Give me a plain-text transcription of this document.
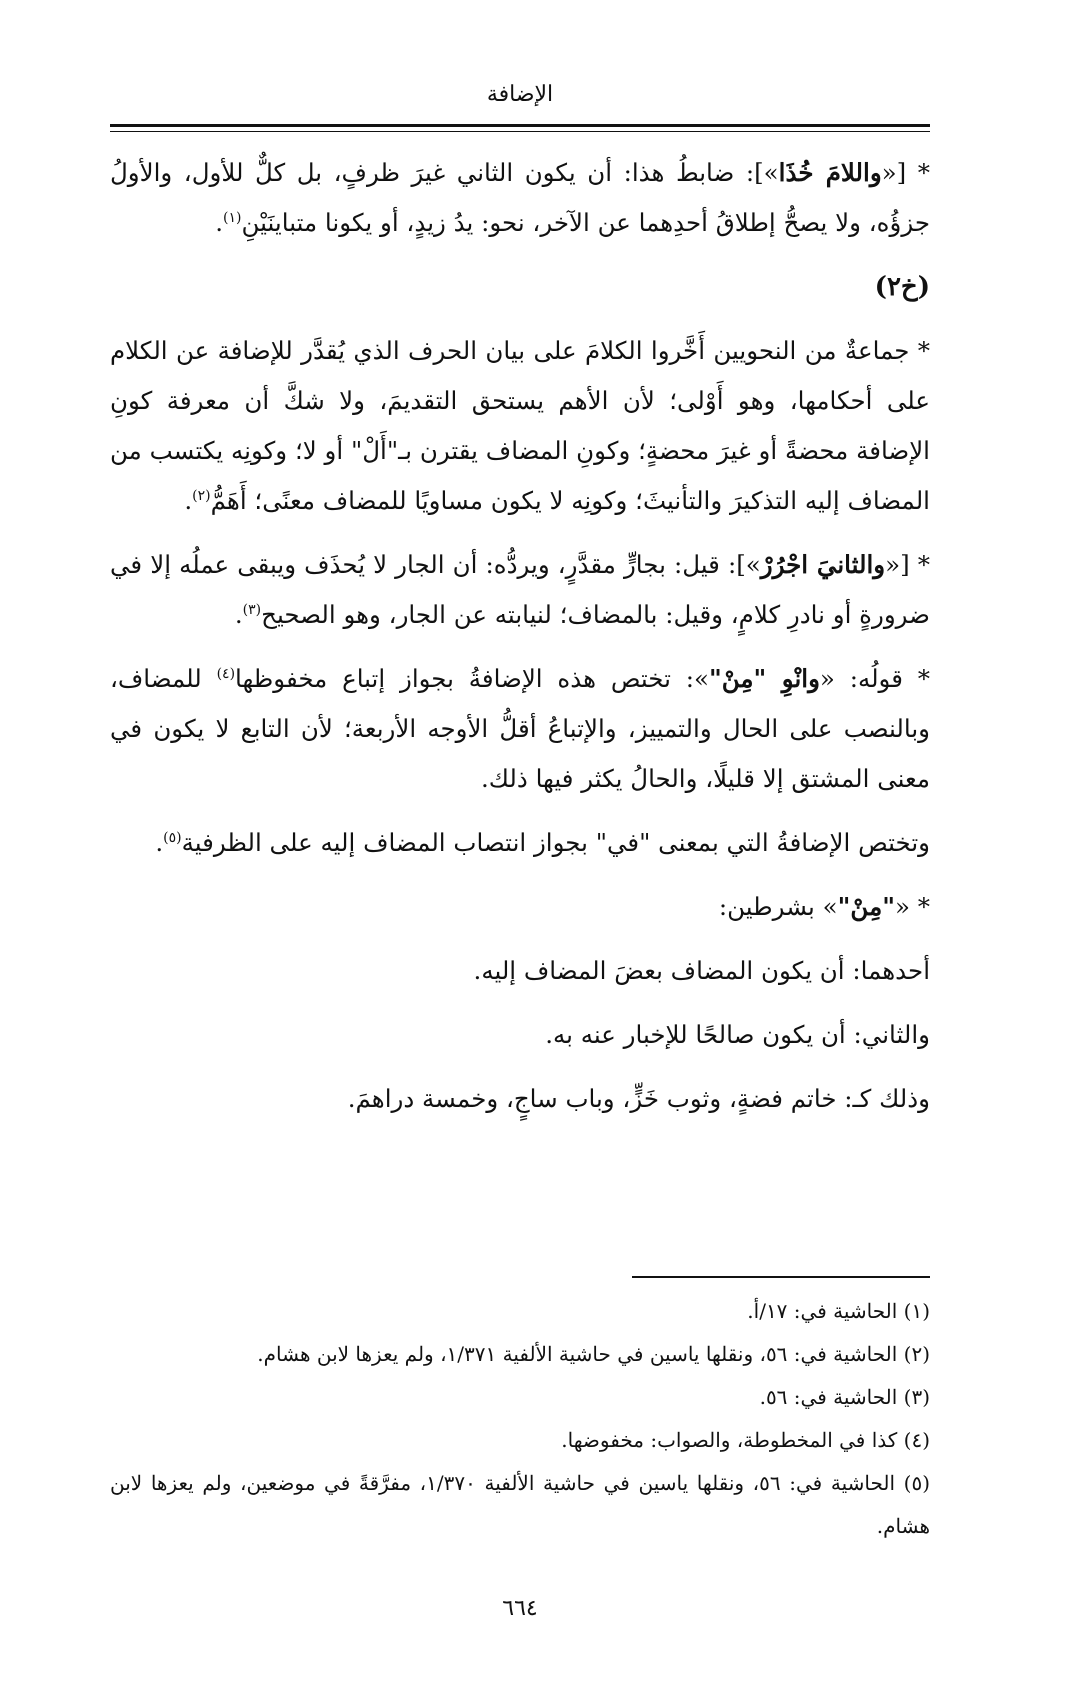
الإضافة

* [«واللامَ خُذَا»]: ضابطُ هذا: أن يكون الثاني غيرَ ظرفٍ، بل كلٌّ للأول، والأولُ جزؤُه، ولا يصحُّ إطلاقُ أحدِهما عن الآخر، نحو: يدُ زيدٍ، أو يكونا متباينَيْنِ$^{(١)}$.

(خ٢)

* جماعةٌ من النحويين أَخَّروا الكلامَ على بيان الحرف الذي يُقدَّر للإضافة عن الكلام على أحكامها، وهو أَوْلى؛ لأن الأهم يستحق التقديمَ، ولا شكَّ أن معرفة كونِ الإضافة محضةً أو غيرَ محضةٍ؛ وكونِ المضاف يقترن بـ"أَلْ" أو لا؛ وكونِه يكتسب من المضاف إليه التذكيرَ والتأنيثَ؛ وكونِه لا يكون مساويًا للمضاف معنًى؛ أَهَمُّ$^{(٢)}$.

* [«والثانيَ اجْرُرْ»]: قيل: بجارٍّ مقدَّرٍ، ويردُّه: أن الجار لا يُحذَف ويبقى عملُه إلا في ضرورةٍ أو نادرِ كلامٍ، وقيل: بالمضاف؛ لنيابته عن الجار، وهو الصحيح$^{(٣)}$.

* قولُه: «وانْوِ "مِنْ"»: تختص هذه الإضافةُ بجواز إتباع مخفوظها$^{(٤)}$ للمضاف، وبالنصب على الحال والتمييز، والإتباعُ أقلُّ الأوجه الأربعة؛ لأن التابع لا يكون في معنى المشتق إلا قليلًا، والحالُ يكثر فيها ذلك.

وتختص الإضافةُ التي بمعنى "في" بجواز انتصاب المضاف إليه على الظرفية$^{(٥)}$.

* «"مِنْ"» بشرطين:

أحدهما: أن يكون المضاف بعضَ المضاف إليه.

والثاني: أن يكون صالحًا للإخبار عنه به.

وذلك كـ: خاتم فضةٍ، وثوب خَزٍّ، وباب ساجٍ، وخمسة دراهمَ.

(١) الحاشية في: ١٧/أ.

(٢) الحاشية في: ٥٦، ونقلها ياسين في حاشية الألفية ١/٣٧١، ولم يعزها لابن هشام.

(٣) الحاشية في: ٥٦.

(٤) كذا في المخطوطة، والصواب: مخفوضها.

(٥) الحاشية في: ٥٦، ونقلها ياسين في حاشية الألفية ١/٣٧٠، مفرَّقةً في موضعين، ولم يعزها لابن هشام.

٦٦٤
